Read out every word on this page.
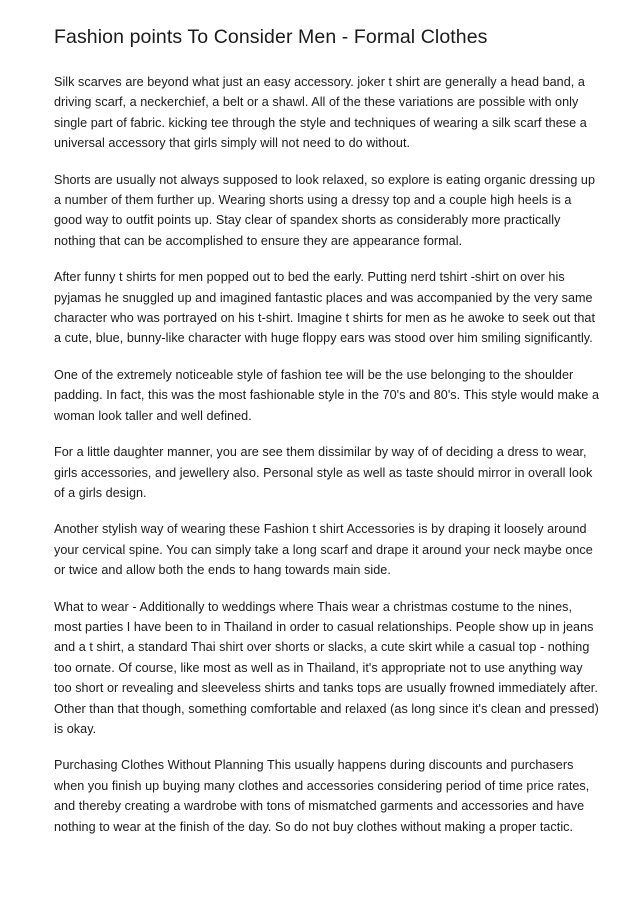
Fashion points To Consider Men - Formal Clothes

Silk scarves are beyond what just an easy accessory. joker t shirt are generally a head band, a driving scarf, a neckerchief, a belt or a shawl. All of the these variations are possible with only single part of fabric. kicking tee through the style and techniques of wearing a silk scarf these a universal accessory that girls simply will not need to do without.

Shorts are usually not always supposed to look relaxed, so explore is eating organic dressing up a number of them further up. Wearing shorts using a dressy top and a couple high heels is a good way to outfit points up. Stay clear of spandex shorts as considerably more practically nothing that can be accomplished to ensure they are appearance formal.

After funny t shirts for men popped out to bed the early. Putting nerd tshirt -shirt on over his pyjamas he snuggled up and imagined fantastic places and was accompanied by the very same character who was portrayed on his t-shirt. Imagine t shirts for men as he awoke to seek out that a cute, blue, bunny-like character with huge floppy ears was stood over him smiling significantly.

One of the extremely noticeable style of fashion tee will be the use belonging to the shoulder padding. In fact, this was the most fashionable style in the 70's and 80's. This style would make a woman look taller and well defined.

For a little daughter manner, you are see them dissimilar by way of of deciding a dress to wear, girls accessories, and jewellery also. Personal style as well as taste should mirror in overall look of a girls design.

Another stylish way of wearing these Fashion t shirt Accessories is by draping it loosely around your cervical spine. You can simply take a long scarf and drape it around your neck maybe once or twice and allow both the ends to hang towards main side.

What to wear - Additionally to weddings where Thais wear a christmas costume to the nines, most parties I have been to in Thailand in order to casual relationships. People show up in jeans and a t shirt, a standard Thai shirt over shorts or slacks, a cute skirt while a casual top - nothing too ornate. Of course, like most as well as in Thailand, it's appropriate not to use anything way too short or revealing and sleeveless shirts and tanks tops are usually frowned immediately after. Other than that though, something comfortable and relaxed (as long since it's clean and pressed) is okay.

Purchasing Clothes Without Planning This usually happens during discounts and purchasers when you finish up buying many clothes and accessories considering period of time price rates, and thereby creating a wardrobe with tons of mismatched garments and accessories and have nothing to wear at the finish of the day. So do not buy clothes without making a proper tactic.
